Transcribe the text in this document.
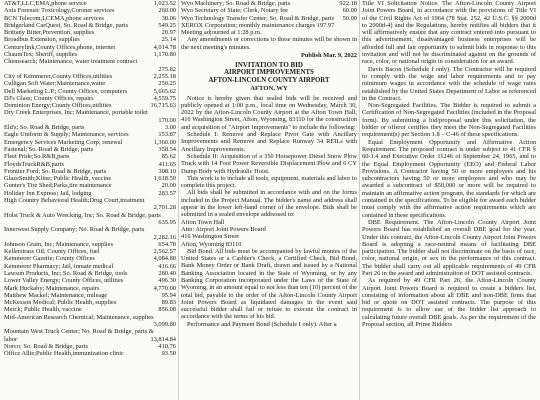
AT&T,LLC,EMA,phone service	1,023.52
Axis Forensic Toxicology,Coroner services	260.00
BCN Telecom,LCEMA,phone services	38.06
Bridgerland CarQuest, So. Road & Bridge, parts	549.25
Brittany Bitter,Prevention, supplies	20.97
Broadbus Extension, supplies	25.14
Centurylink,County Offices,phone, internet	4,014.78
ChaumTex; Sheriff, supplies	1,170.80
Chemsearch; Maintenance, water treatment contract
275.82
City of Kemmerer,County Offices,utilities	2,255.18
Culligan Soft Water;Maintenance,water	250.25
Dell Marketing L.P.; County Offices, computers	5,665.62
DJ's Glass; County Offices, repairs	4,559.75
Dominion Energy;County Offices,utilities	16,715.63
Dry Creek Enterprises, Inc; Maintenance, portable toilet
170.00
Eld's; So. Road & Bridge, parts	3.00
Eagle Uniform & Supply; Maintenance, services	153.87
Emergency Services Marketing Corp; renewal	1,360.00
Fastenal; So. Road & Bridge, parts	358.54
Fleet Pride;So.R&B,parts	85.62
FloydsTruckR&B,parts	411.65
Frontier Ford; So. Road & Bridge, parts	308.10
GlazeSmith;Kline; Public Health, vaccine	1,618.50
Gunter's Tire Shed;Parks,tire maintenance	20.00
Holiday Inn Express; Jail, lodging	283.57
High Country Behavioral Health;Drug Court,treatment
2,701.28
Holst Truck & Auto Wrecking, Inc; So. Road & Bridge, parts
635.95
Innerwest Supply Company; No. Road & Bridge, parts
2,282.16
Johnson Grain, Inc; Maintenance, supplies	654.78
Kellerstrass Oil; County Offices, fuel	2,562.57
Kemmerer Gazette; County Offices	4,084.80
Kemmerer Pharmacy; Jail, inmate medical	416.66
Lawson Products, Inc; So. Road & Bridge, tools	280.40
Lower Valley Energy; County Offices, utilities	496.30
Mark Huckaby; Maintenance, repairs	4,770.00
Matthew Mackel; Maintenance, mileage	95.94
McKesson Medical; Public Health, supplies	89.83
Merck; Public Health, vaccine	856.08
Mid-American Research Chemical; Maintenance, supplies
3,099.80
Mountain West Truck Center; No. Road & Bridge, parts &
labor	13,814.84
Norco; So. Road & Bridge, parts	410.76
Office Allie;Public Health,immunization clinic	93.50
Wyo Machinery; So. Road & Bridge, parts	922.18
Wyo Secretary of State; Clerk, Notary fee	60.00
Wyo Technology Transfer Center; So. Road & Bridge, parts 50.00
XEROX Corporation; monthly maintenance charges 197.97
Meeting adjourned at 1:28 p.m.
Any amendments or corrections to these minutes will be shown in the next meeting's minutes.
Publish Mar. 9, 2022
INVITATION TO BID
AIRPORT IMPROVEMENTS
AFTON-LINCOLN COUNTY AIRPORT
AFTON, WY
Notice is hereby given that sealed bids will be received and publicly opened at 1:00 p.m., local time on Wednesday, March 30, 2022 by the Afton-Lincoln County Airport at the Afton Town Hall, 416 Washington Street, Afton, Wyoming, 83110 for the construction and acquisition of "Airport Improvements" to include the following:
Schedule I: Remove and Replace Pivot Gate with Ancillary Improvements and Remove and Replace Runway 34 REILs with Ancillary Improvements.
Schedule II: Acquisition of a 350 Horsepower Diesel Snow Plow Truck with 14 Foot Power Reversible Displacement Plow and 6 CY Dump Body with Hydraulic Hoist.
This work is to include all tools, equipment, materials and labor to complete this project.
All bids shall be submitted in accordance with and on the forms included in the Project Manual. The bidder's name and address shall appear in the lower left-hand corner of the envelope. Bids shall be submitted in a sealed envelope addressed to:
Afton Town Hall
Attn: Airport Joint Powers Board
416 Washington Street
Afton, Wyoming 83110
Bid Bond. All bids must be accompanied by lawful monies of the United States or a Cashier's Check, a Certified Check, Bid Bond, Bank Money Order or Bank Draft, drawn and issued by a National Banking Association located in the State of Wyoming, or by any Banking Corporation incorporated under the Laws of the State of Wyoming, in an amount equal to not less than ten (10) percent of the total bid, payable to the order of the Afton-Lincoln County Airport Joint Powers Board as liquidated damages in the event said successful bidder shall fail or refuse to execute the contract in accordance with the terms of his bid.
Performance and Payment Bond (Schedule I only). After a
Title VI Solicitation Notice. The Afton-Lincoln County Airport Joint Powers Board, in accordance with the provisions of Title VI of the Civil Rights Act of 1964 (78 Stat. 252, 42 U.S.C. §§ 2000d to 2000d-4) and the Regulations, hereby notifies all bidders that it will affirmatively ensure that any contract entered into pursuant to this advertisement, disadvantaged business enterprises will be afforded full and fair opportunity to submit bids in response to this invitation and will not be discriminated against on the grounds of race, color, or national origin in consideration for an award.
Davis Bacon (Schedule I only). The Contractor will be required to comply with the wage and labor requirements and to pay minimum wages in accordance with the schedule of wage rates established by the United States Department of Labor as referenced in the Contract.
Non-Segregated Facilities. The Bidder is required to submit a Certification of Non-Segregated Facilities (included in the Proposal form). By submitting a bid/proposal under this solicitation, the bidder or offeror certifies they meet the Non-Segregated Facilities requirement(s) per Section 1.8 – C-46 of these specifications.
Equal Employment Opportunity and Affirmative Action Requirement. The proposed contract is under subject to 41 CFR § 60-1.4 and Executive Order 11246 of September 24, 1965, and to the Equal Employment Opportunity (EEO) and Federal Labor Provisions. A Contractor having 50 or more employees and his subcontractors having 50 or more employees and who may be awarded a subcontract of $50,000 or more will be required to maintain an affirmative action program, the standards for which are contained in the specifications. To be eligible for award each bidder must comply with the affirmative action requirements which are contained in these specifications.
DBE Requirement. The Afton-Lincoln County Airport Joint Powers Board has established an overall DBE goal for the year. Under this contract, the Afton-Lincoln County Airport Joint Powers Board is adopting a race-neutral means of facilitating DBE participation. The bidder shall not discriminate on the basis of race, color, national origin, or sex in the performance of this contract. The bidder shall carry out all applicable requirements of 49 CFR Part 26 in the award and administration of DOT assisted contracts.
As required by 49 CFR Part 26, the Afton-Lincoln County Airport Joint Powers Board is required to create a bidders list, consisting of information about all DBE and non-DBE firms that bid or quote on DOT assisted contracts. The purpose of this requirement is to allow use of the bidder list approach to calculating future overall DBE goals. As per the requirement of the Proposal section, all Prime Bidders
